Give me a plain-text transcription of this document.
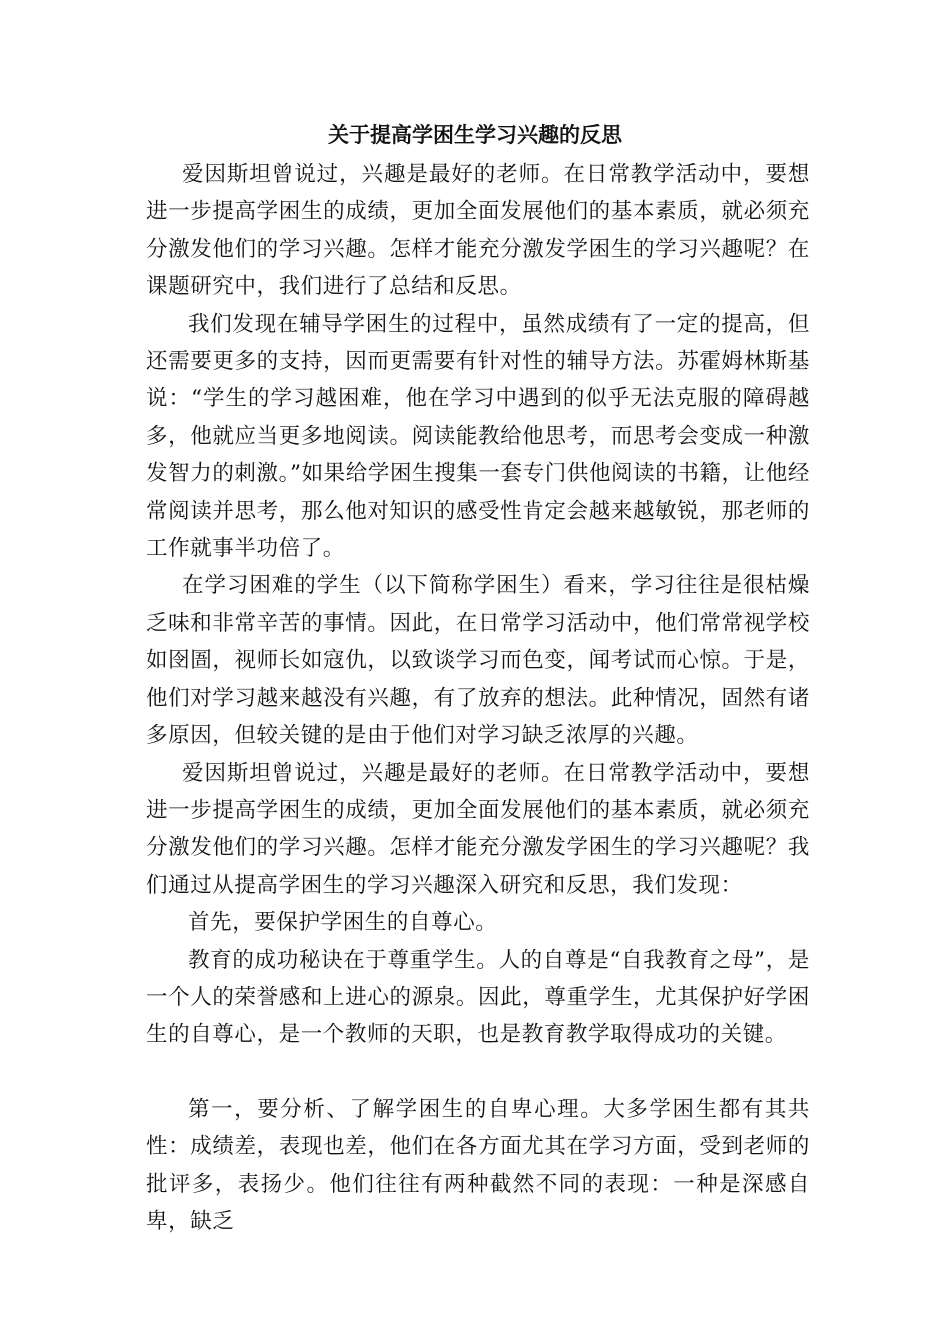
关于提高学困生学习兴趣的反思

爱因斯坦曾说过，兴趣是最好的老师。在日常教学活动中，要想进一步提高学困生的成绩，更加全面发展他们的基本素质，就必须充分激发他们的学习兴趣。怎样才能充分激发学困生的学习兴趣呢？在课题研究中，我们进行了总结和反思。

我们发现在辅导学困生的过程中，虽然成绩有了一定的提高，但还需要更多的支持，因而更需要有针对性的辅导方法。苏霍姆林斯基说：“学生的学习越困难，他在学习中遇到的似乎无法克服的障碍越多，他就应当更多地阅读。阅读能教给他思考，而思考会变成一种激发智力的刺激。”如果给学困生搜集一套专门供他阅读的书籍，让他经常阅读并思考，那么他对知识的感受性肯定会越来越敏锐，那老师的工作就事半功倍了。

在学习困难的学生（以下简称学困生）看来，学习往往是很枯燥乏味和非常辛苦的事情。因此，在日常学习活动中，他们常常视学校如囹圄，视师长如寇仇，以致谈学习而色变，闻考试而心惊。于是，他们对学习越来越没有兴趣，有了放弃的想法。此种情况，固然有诸多原因，但较关键的是由于他们对学习缺乏浓厚的兴趣。

爱因斯坦曾说过，兴趣是最好的老师。在日常教学活动中，要想进一步提高学困生的成绩，更加全面发展他们的基本素质，就必须充分激发他们的学习兴趣。怎样才能充分激发学困生的学习兴趣呢？我们通过从提高学困生的学习兴趣深入研究和反思，我们发现：

首先，要保护学困生的自尊心。

教育的成功秘诀在于尊重学生。人的自尊是“自我教育之母”，是一个人的荣誉感和上进心的源泉。因此，尊重学生，尤其保护好学困生的自尊心，是一个教师的天职，也是教育教学取得成功的关键。

第一，要分析、了解学困生的自卑心理。大多学困生都有其共性：成绩差，表现也差，他们在各方面尤其在学习方面，受到老师的批评多，表扬少。他们往往有两种截然不同的表现：一种是深感自卑，缺乏
